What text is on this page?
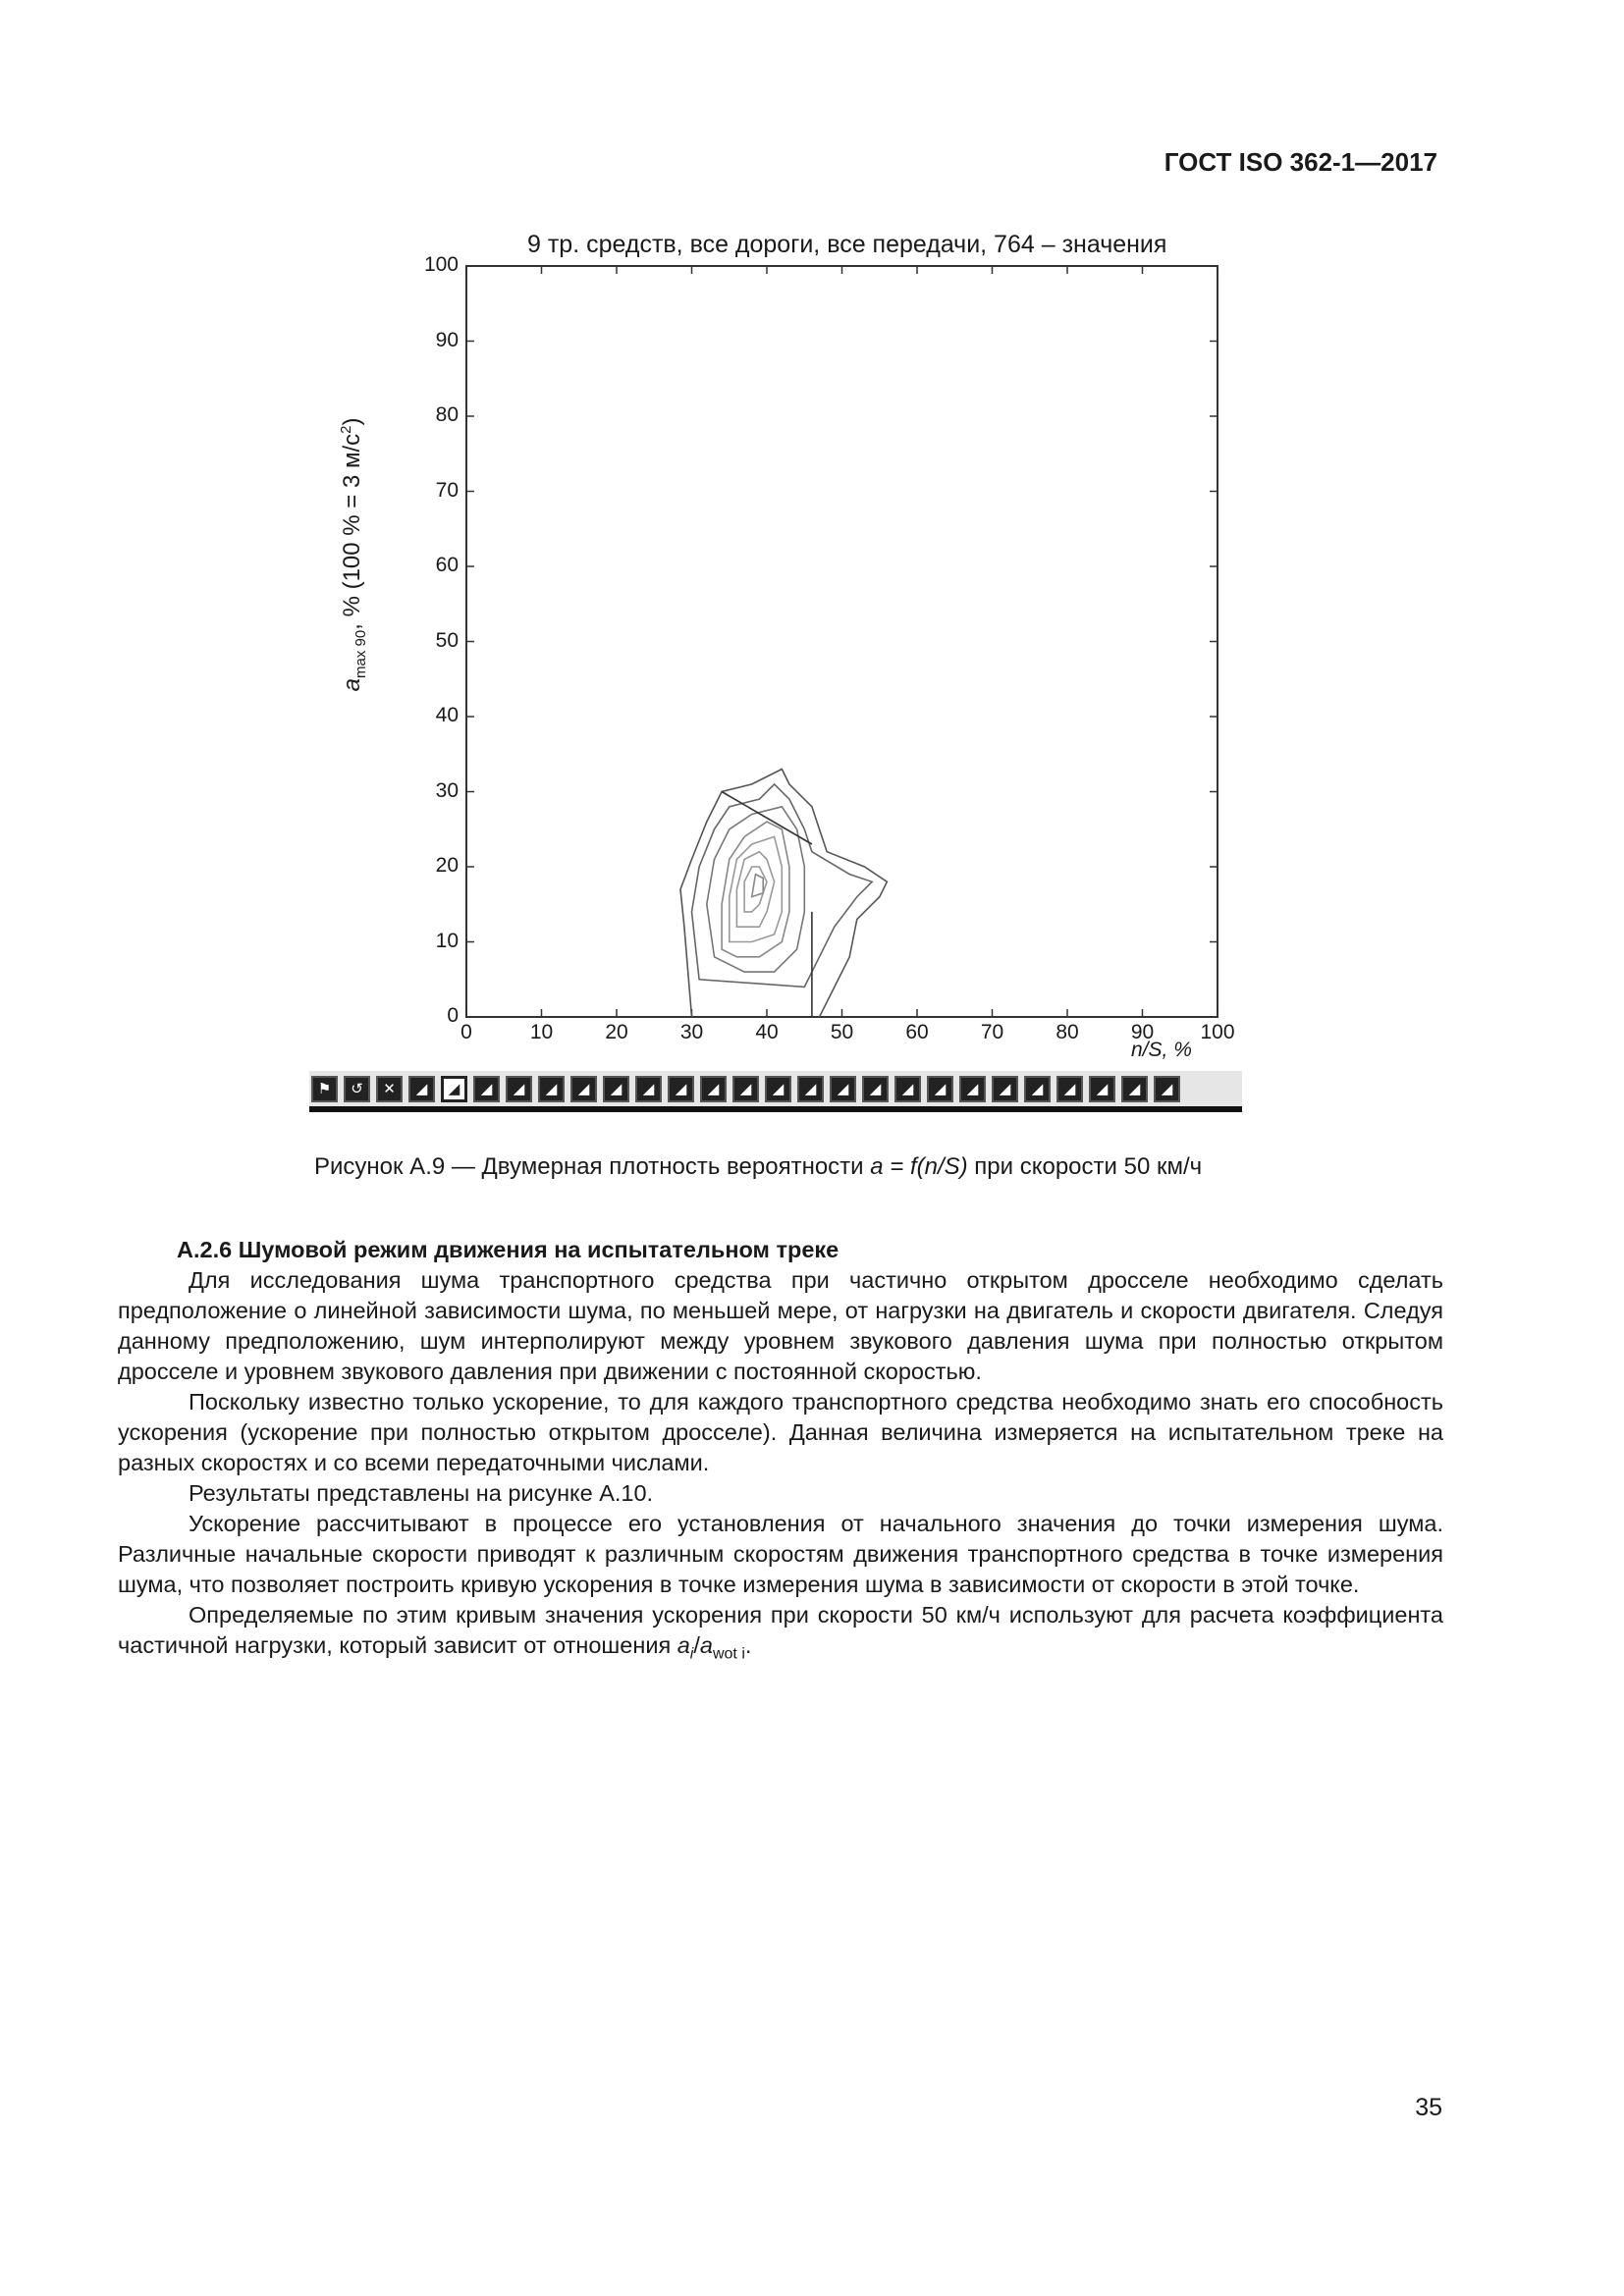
ГОСТ ISO 362-1—2017
9 тр. средств, все дороги, все передачи, 764 – значения
$a_{max 90}$, % (100 % = 3 $м/с^2$)
0
10
20
30
40
50
60
70
80
90
100
0	10	20	30	40	50	60	70	80	90	100
n/S, %
⚑	↺	✕	◢	◢	◢	◢	◢	◢	◢	◢	◢	◢	◢	◢	◢	◢	◢	◢	◢	◢	◢	◢	◢	◢	◢	◢
Рисунок А.9 — Двумерная плотность вероятности a = f(n/S) при скорости 50 км/ч
А.2.6 Шумовой режим движения на испытательном треке

Для исследования шума транспортного средства при частично открытом дросселе необходимо сделать предположение о линейной зависимости шума, по меньшей мере, от нагрузки на двигатель и скорости двигателя. Следуя данному предположению, шум интерполируют между уровнем звукового давления шума при полностью открытом дросселе и уровнем звукового давления при движении с постоянной скоростью.

Поскольку известно только ускорение, то для каждого транспортного средства необходимо знать его способность ускорения (ускорение при полностью открытом дросселе). Данная величина измеряется на испытательном треке на разных скоростях и со всеми передаточными числами.

Результаты представлены на рисунке А.10.

Ускорение рассчитывают в процессе его установления от начального значения до точки измерения шума. Различные начальные скорости приводят к различным скоростям движения транспортного средства в точке измерения шума, что позволяет построить кривую ускорения в точке измерения шума в зависимости от скорости в этой точке.

Определяемые по этим кривым значения ускорения при скорости 50 км/ч используют для расчета коэффициента частичной нагрузки, который зависит от отношения $a_i/a_{wot i}$.

35
